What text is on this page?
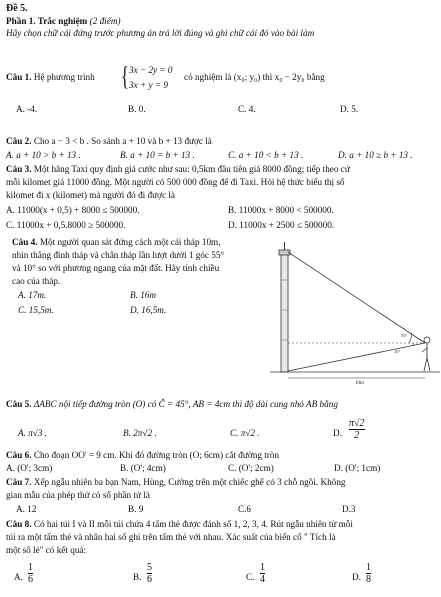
Đề 5.
Phần 1. Trắc nghiệm (2 điểm)
Hãy chọn chữ cái đứng trước phương án trả lời đúng và ghi chữ cái đó vào bài làm
Câu 1. Hệ phương trình { 3x − 2y = 0
3x + y = 9
có nghiệm là (x₀; y₀) thì x₀ − 2y₀ bằng
A. -4.	B. 0.	C. 4.	D. 5.
Câu 2. Cho a − 3 < b . So sánh a + 10 và b + 13 được là
A. a + 10 > b + 13 .	B. a + 10 = b + 13 .	C. a + 10 < b + 13 .	D. a + 10 ≥ b + 13 .
Câu 3. Một hãng Taxi quy định giá cước như sau: 0,5km đầu tiên giá 8000 đồng; tiếp theo cứ
mỗi kilomet giá 11000 đồng. Một người có 500 000 đồng để đi Taxi. Hỏi hệ thức biểu thị số
kilomet đi x (kilomet) mà người đó đi được là
A. 11000(x + 0,5) + 8000 ≤ 500000.	B. 11000x + 8000 < 500000.
C. 11000x + 0,5.8000 ≥ 500000.	D. 11000x + 2500 ≤ 500000.
Câu 4. Một người quan sát đứng cách một cái tháp 10m,
nhìn thẳng đỉnh tháp và chân tháp lần lượt dưới 1 góc 55°
và 10° so với phương ngang của mặt đất. Hãy tính chiều
cao của tháp.
A. 17m.	B. 16m
C. 15,5m.	D. 16,5m.
55°
10°
10m
Câu 5. ΔABC nội tiếp đường tròn (O) có Ĉ = 45°, AB = 4cm thì độ dài cung nhỏ AB bằng
A. π√3 .	B. 2π√2 .	C. π√2 .	D.
π√2
2
Câu 6. Cho đoạn OO' = 9 cm. Khi đó đường tròn (O; 6cm) cắt đường tròn
A. (O'; 3cm)	B. (O'; 4cm)	C. (O'; 2cm)	D. (O'; 1cm)
Câu 7. Xếp ngẫu nhiên ba bạn Nam, Hùng, Cường trên một chiếc ghế có 3 chỗ ngồi. Không
gian mẫu của phép thử có số phần tử là
A. 12	B. 9	C.6	D.3
Câu 8. Có hai túi I và II mỗi túi chứa 4 tấm thẻ được đánh số 1, 2, 3, 4. Rút ngẫu nhiên từ mỗi
túi ra một tấm thẻ và nhân hai số ghi trên tấm thẻ với nhau. Xác suất của biến cố " Tích là
một số lẻ" có kết quả:
A.
1
6	B.
5
6	C.
1
4	D.
1
8
